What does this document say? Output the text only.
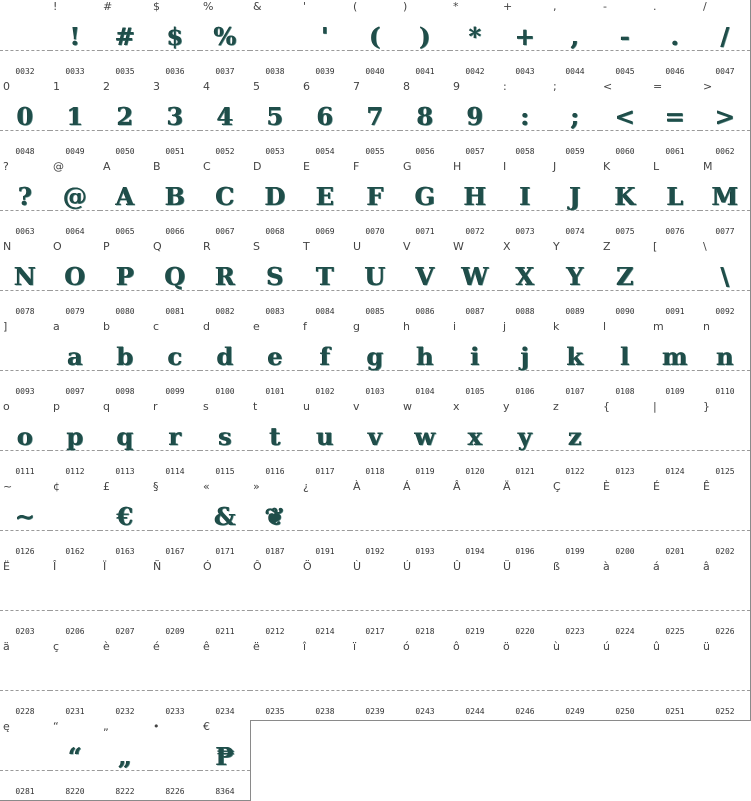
0032
!
!
0033
#
#
0035
$
$
0036
%
%
0037
&
0038
'
'
0039
(
(
0040
)
)
0041
*
*
0042
+
+
0043
,
,
0044
-
-
0045
.
.
0046
/
/
0047
0
0
0048
1
1
0049
2
2
0050
3
3
0051
4
4
0052
5
5
0053
6
6
0054
7
7
0055
8
8
0056
9
9
0057
:
:
0058
;
;
0059
<
<
0060
=
=
0061
>
>
0062
?
?
0063
@
@
0064
A
A
0065
B
B
0066
C
C
0067
D
D
0068
E
E
0069
F
F
0070
G
G
0071
H
H
0072
I
I
0073
J
J
0074
K
K
0075
L
L
0076
M
M
0077
N
N
0078
O
O
0079
P
P
0080
Q
Q
0081
R
R
0082
S
S
0083
T
T
0084
U
U
0085
V
V
0086
W
W
0087
X
X
0088
Y
Y
0089
Z
Z
0090
[
0091
\
\
0092
]
0093
a
a
0097
b
b
0098
c
c
0099
d
d
0100
e
e
0101
f
f
0102
g
g
0103
h
h
0104
i
i
0105
j
j
0106
k
k
0107
l
l
0108
m
m
0109
n
n
0110
o
o
0111
p
p
0112
q
q
0113
r
r
0114
s
s
0115
t
t
0116
u
u
0117
v
v
0118
w
w
0119
x
x
0120
y
y
0121
z
z
0122
{
0123
|
0124
}
0125
~
~
0126
¢
0162
£
€
0163
§
0167
«
&
0171
»
❦
0187
¿
0191
À
0192
Á
0193
Â
0194
Ä
0196
Ç
0199
È
0200
É
0201
Ê
0202
Ë
0203
Î
0206
Ï
0207
Ñ
0209
Ó
0211
Ô
0212
Ö
0214
Ù
0217
Ú
0218
Û
0219
Ü
0220
ß
0223
à
0224
á
0225
â
0226
ä
0228
ç
0231
è
0232
é
0233
ê
0234
ë
0235
î
0238
ï
0239
ó
0243
ô
0244
ö
0246
ù
0249
ú
0250
û
0251
ü
0252
ę
0281
“
“
8220
„
„
8222
•
8226
€
₱
8364
